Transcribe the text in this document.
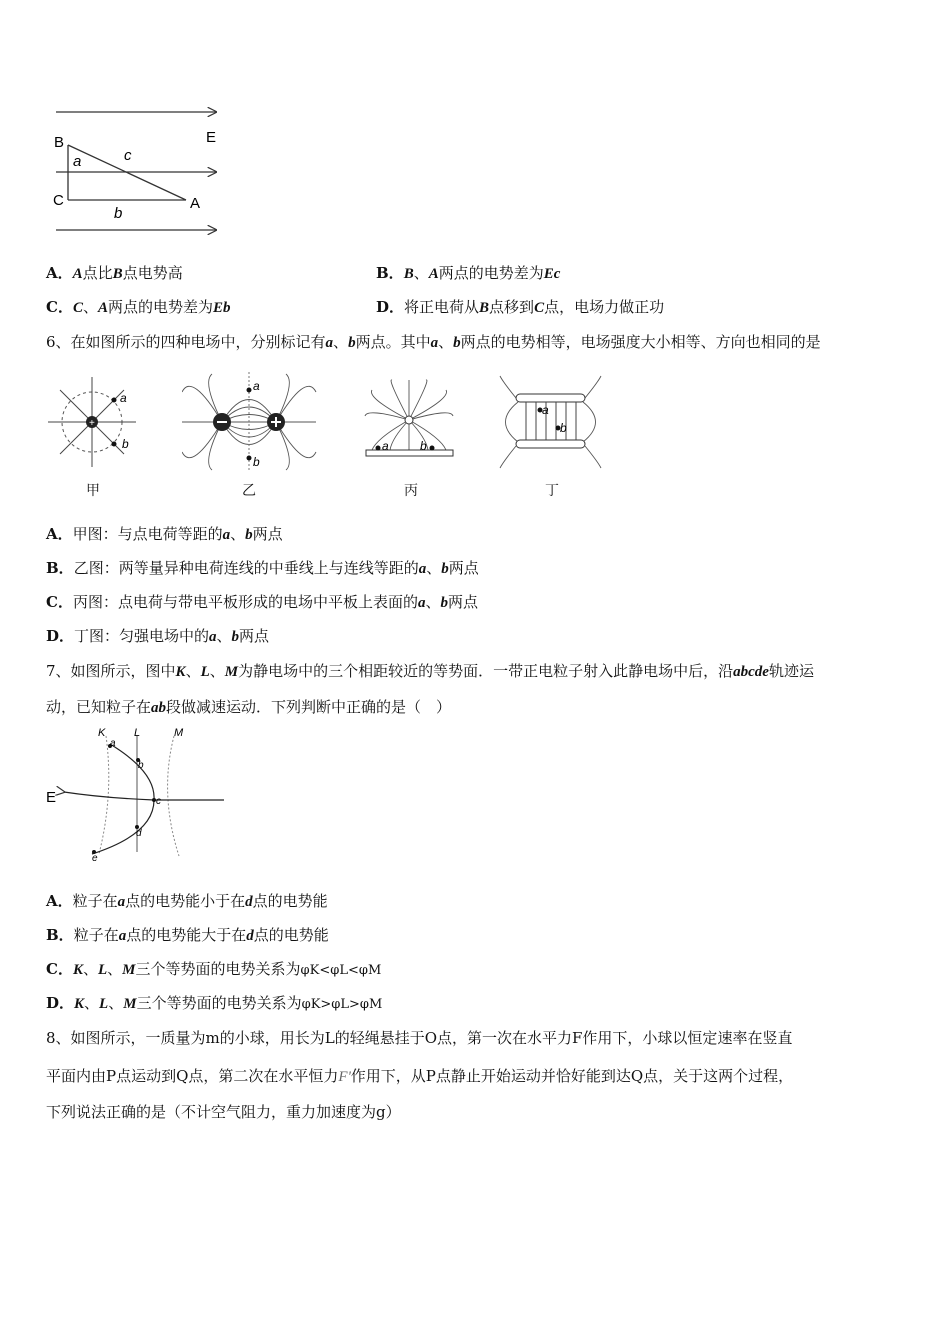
B	E
C	A
a	c
b
A．A点比B点电势高	B．B、A两点的电势差为Ec
C．C、A两点的电势差为Eb	D．将正电荷从B点移到C点，电场力做正功
6、在如图所示的四种电场中，分别标记有a、b两点。其中a、b两点的电势相等，电场强度大小相等、方向也相同的是
+
a
b
甲
a
b
乙
a	b
丙
a
b
丁
A．甲图：与点电荷等距的a、b两点
B．乙图：两等量异种电荷连线的中垂线上与连线等距的a、b两点
C．丙图：点电荷与带电平板形成的电场中平板上表面的a、b两点
D．丁图：匀强电场中的a、b两点
7、如图所示，图中K、L、M为静电场中的三个相距较近的等势面．一带正电粒子射入此静电场中后，沿abcde轨迹运
动，已知粒子在ab段做减速运动．下列判断中正确的是（　）
E
K	L	M
a
b
c
d
e
A．粒子在a点的电势能小于在d点的电势能
B．粒子在a点的电势能大于在d点的电势能
C．K、L、M三个等势面的电势关系为φK<φL<φM
D．K、L、M三个等势面的电势关系为φK>φL>φM
8、如图所示，一质量为m的小球，用长为L的轻绳悬挂于O点，第一次在水平力F作用下，小球以恒定速率在竖直
平面内由P点运动到Q点，第二次在水平恒力F'作用下，从P点静止开始运动并恰好能到达Q点，关于这两个过程，
下列说法正确的是（不计空气阻力，重力加速度为g）
